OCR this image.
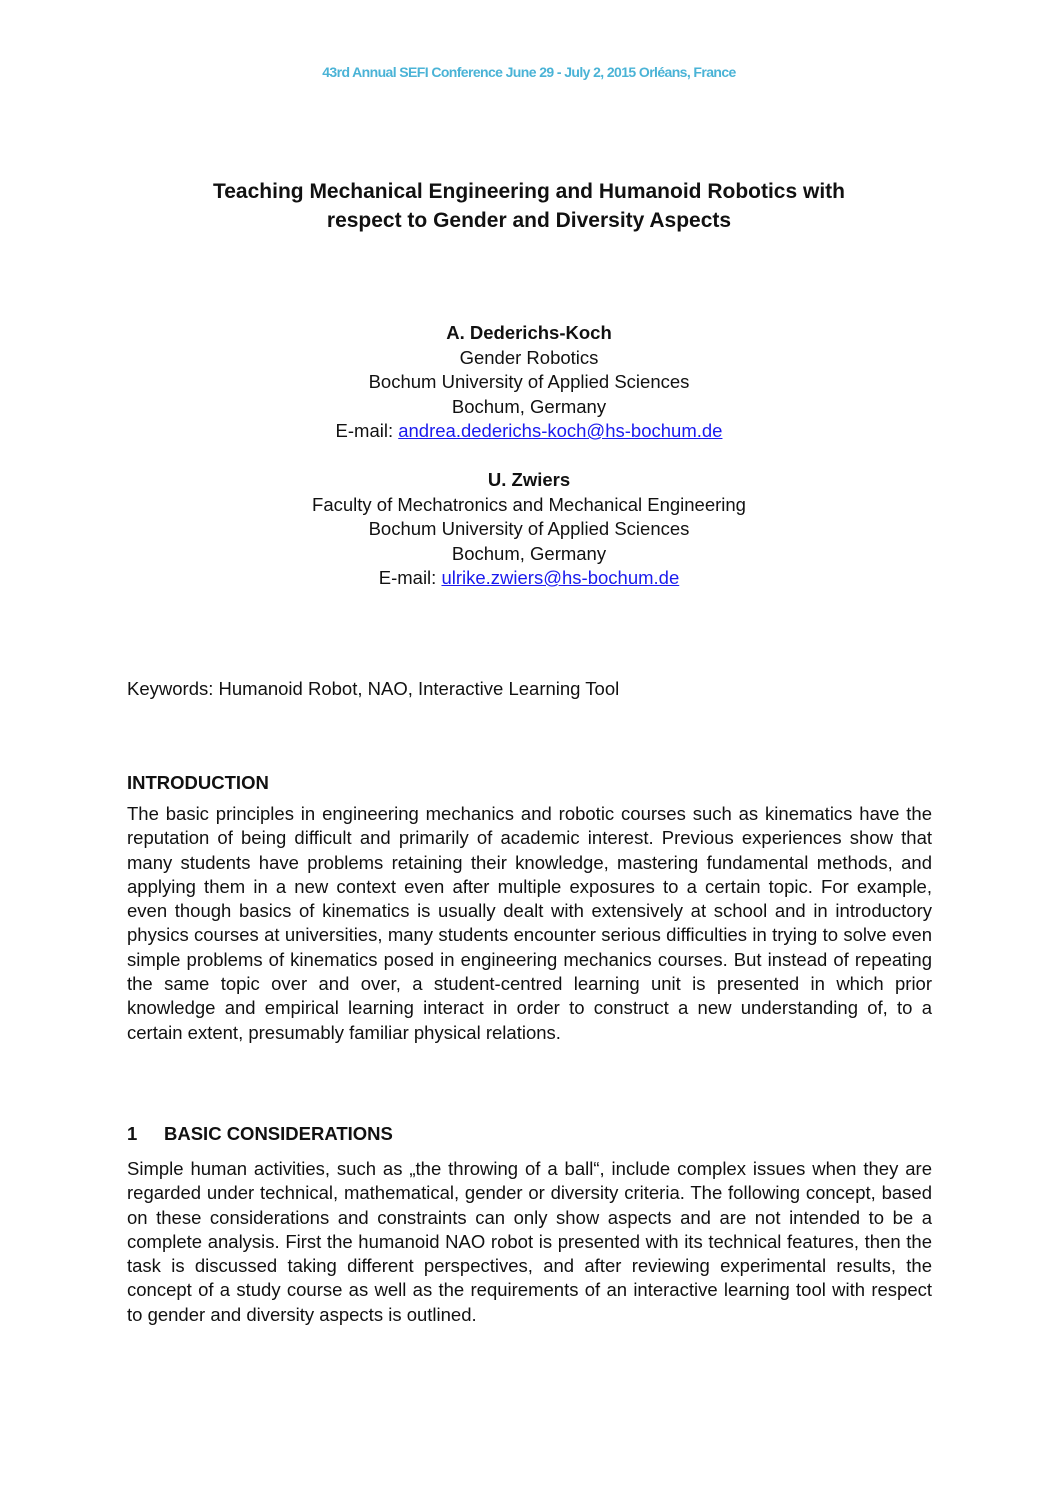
43rd Annual SEFI Conference June 29 - July 2, 2015 Orléans, France
Teaching Mechanical Engineering and Humanoid Robotics with
respect to Gender and Diversity Aspects
A. Dederichs-Koch
Gender Robotics
Bochum University of Applied Sciences
Bochum, Germany
E-mail: andrea.dederichs-koch@hs-bochum.de
U. Zwiers
Faculty of Mechatronics and Mechanical Engineering
Bochum University of Applied Sciences
Bochum, Germany
E-mail: ulrike.zwiers@hs-bochum.de
Keywords: Humanoid Robot, NAO, Interactive Learning Tool
INTRODUCTION

The basic principles in engineering mechanics and robotic courses such as kinematics have the reputation of being difficult and primarily of academic interest. Previous experiences show that many students have problems retaining their knowledge, mastering fundamental methods, and applying them in a new context even after multiple exposures to a certain topic. For example, even though basics of kinematics is usually dealt with extensively at school and in introductory physics courses at universities, many students encounter serious difficulties in trying to solve even simple problems of kinematics posed in engineering mechanics courses. But instead of repeating the same topic over and over, a student-centred learning unit is presented in which prior knowledge and empirical learning interact in order to construct a new understanding of, to a certain extent, presumably familiar physical relations.

1 BASIC CONSIDERATIONS

Simple human activities, such as „the throwing of a ball“, include complex issues when they are regarded under technical, mathematical, gender or diversity criteria. The following concept, based on these considerations and constraints can only show aspects and are not intended to be a complete analysis. First the humanoid NAO robot is presented with its technical features, then the task is discussed taking different perspectives, and after reviewing experimental results, the concept of a study course as well as the requirements of an interactive learning tool with respect to gender and diversity aspects is outlined.
